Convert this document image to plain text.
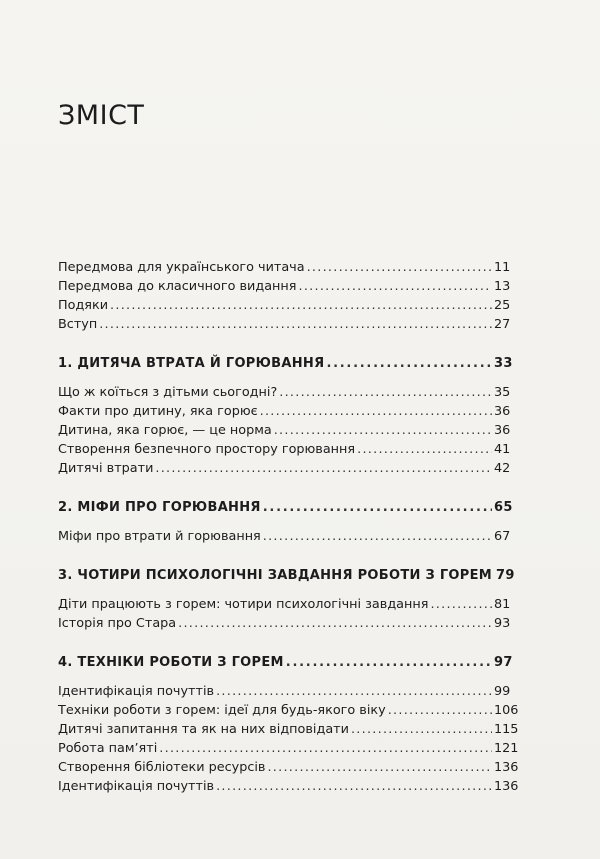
ЗМІСТ
Передмова для українського читача . . .	11
Передмова до класичного видання . . .	13
Подяки . . .	25
Вступ . . .	27
1. ДИТЯЧА ВТРАТА Й ГОРЮВАННЯ . . .	33
Що ж коїться з дітьми сьогодні? . . .	35
Факти про дитину, яка горює . . .	36
Дитина, яка горює, — це норма . . .	36
Створення безпечного простору горювання . . .	41
Дитячі втрати . . .	42
2. МІФИ ПРО ГОРЮВАННЯ . . .	65
Міфи про втрати й горювання . . .	67
3. ЧОТИРИ ПСИХОЛОГІЧНІ ЗАВДАННЯ РОБОТИ З ГОРЕМ 79
Діти працюють з горем: чотири психологічні завдання . . .	81
Історія про Стара . . .	93
4. ТЕХНІКИ РОБОТИ З ГОРЕМ . . .	97
Ідентифікація почуттів . . .	99
Техніки роботи з горем: ідеї для будь-якого віку . . .	106
Дитячі запитання та як на них відповідати . . .	115
Робота пам’яті . . .	121
Створення бібліотеки ресурсів . . .	136
Ідентифікація почуттів . . .	136
